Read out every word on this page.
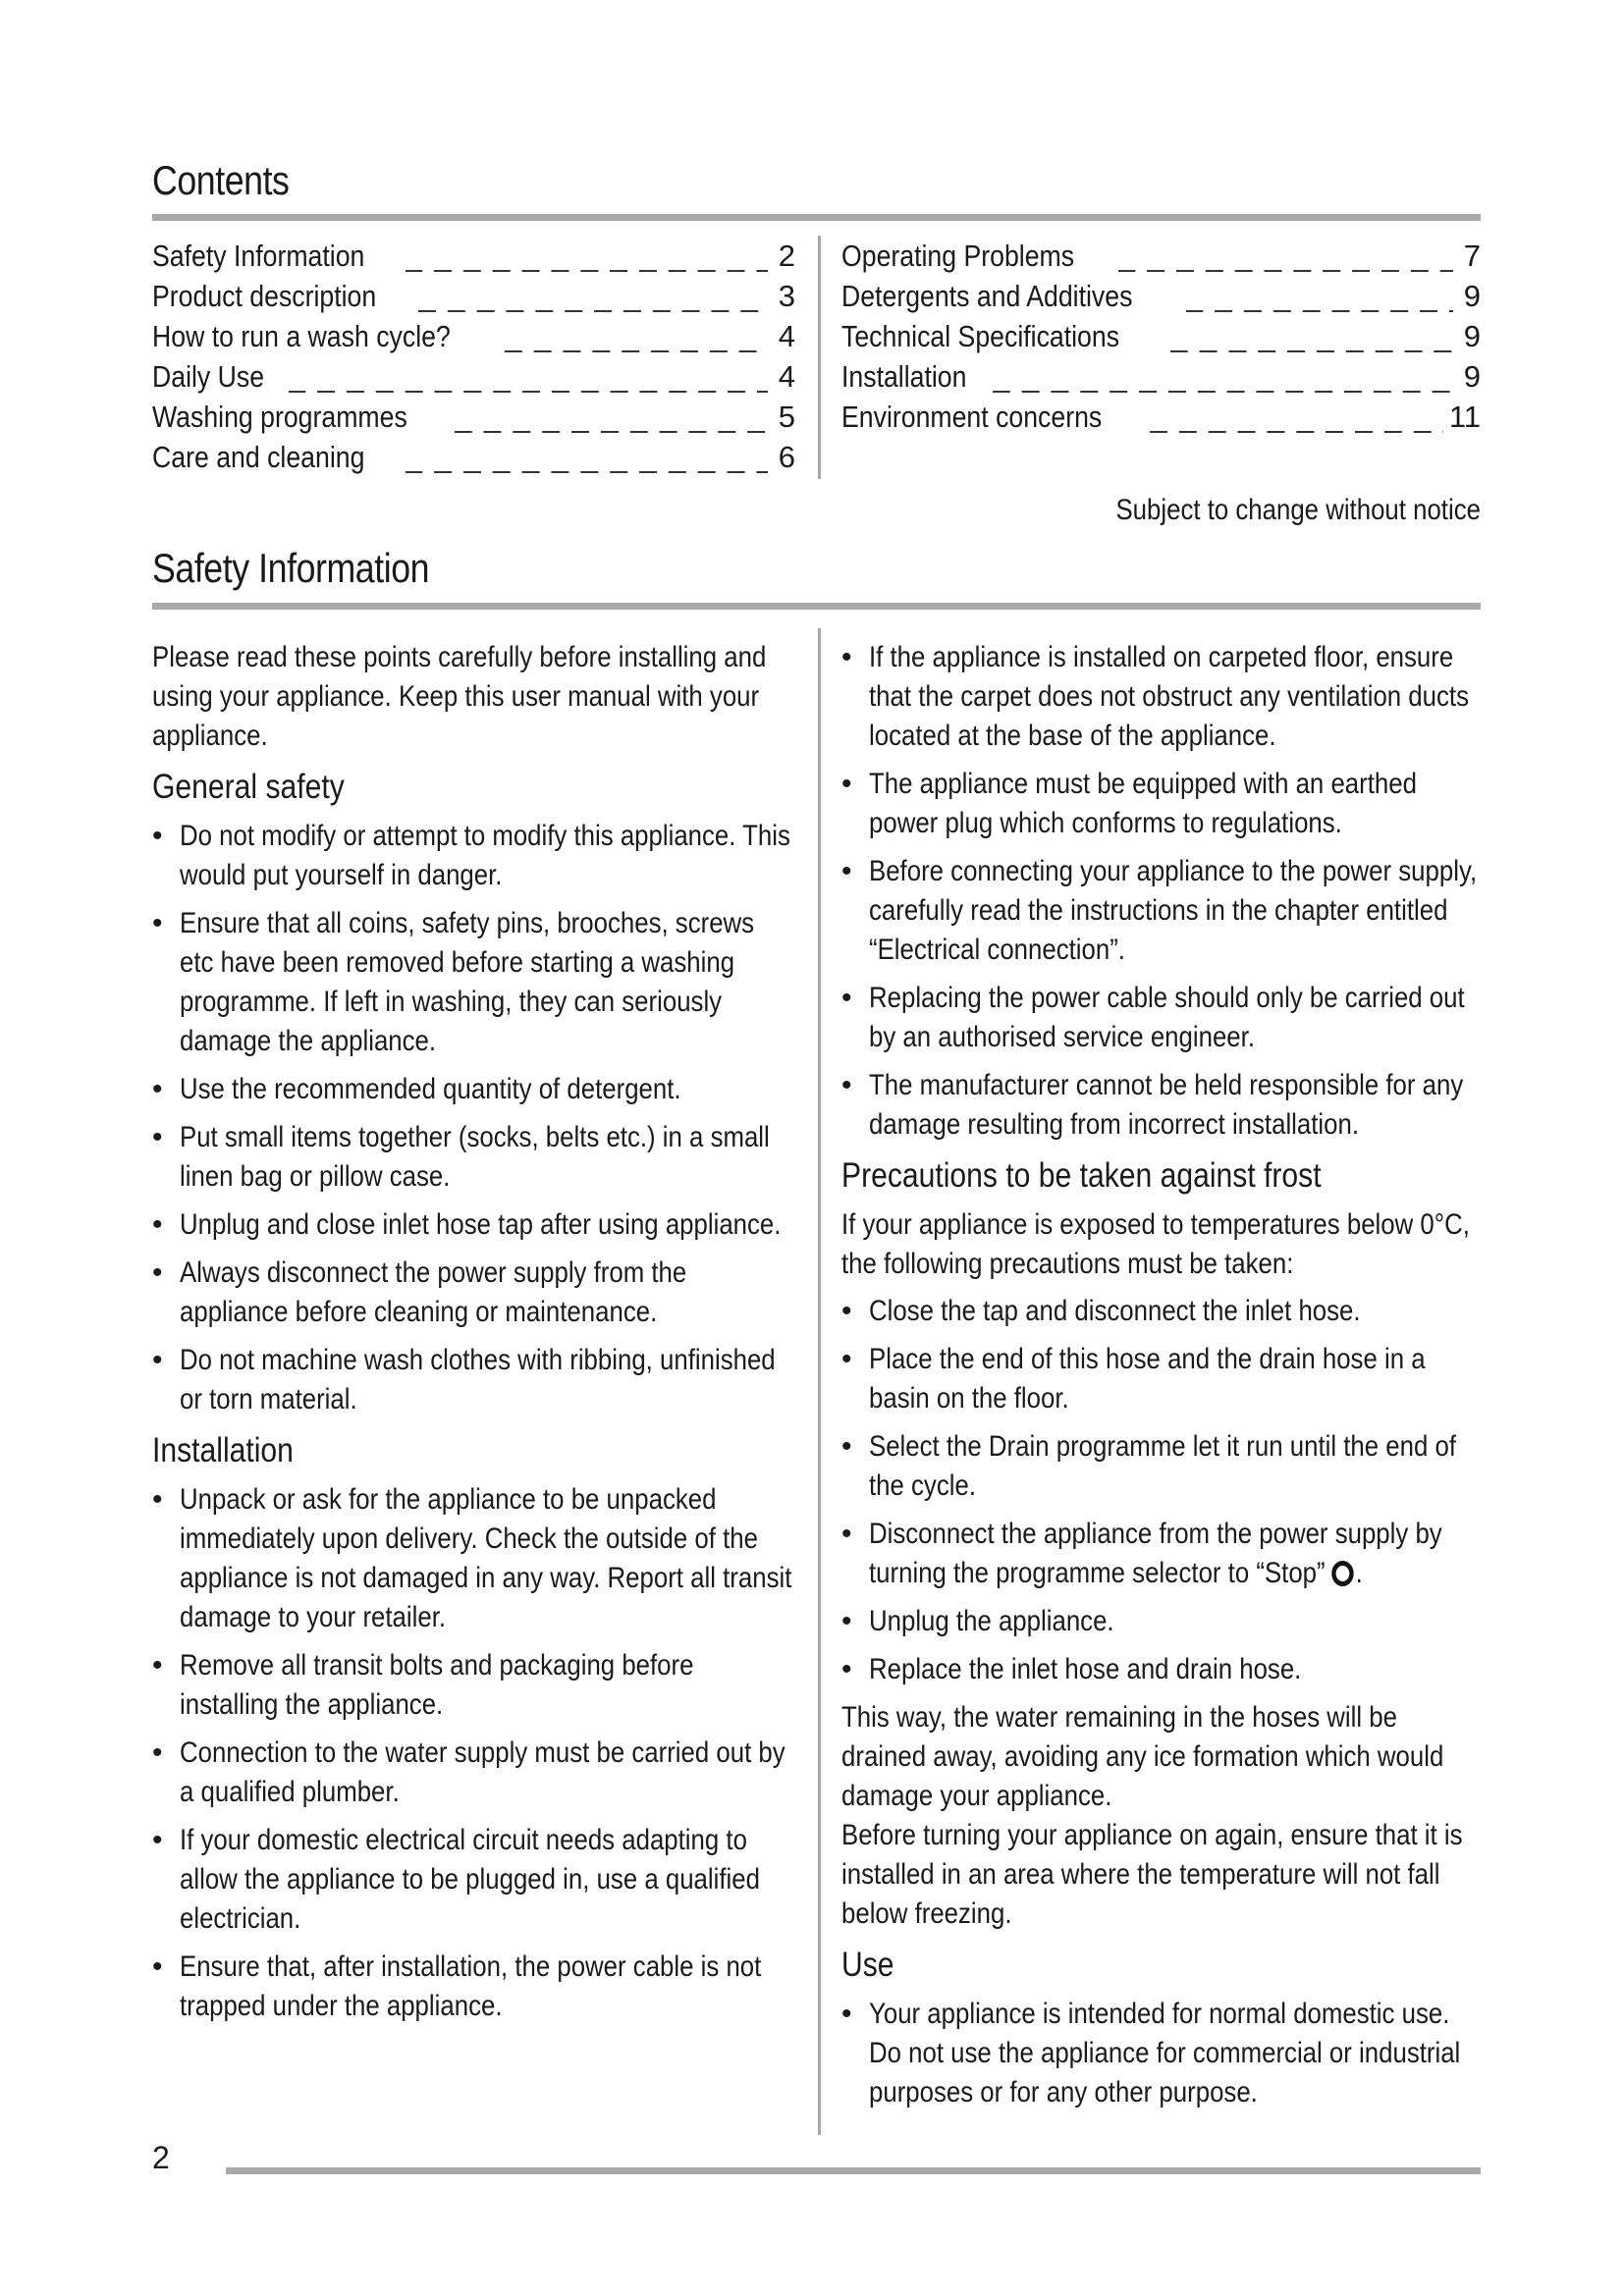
Contents
Safety Information _ _ _	2
Product description _ _ _	3
How to run a wash cycle? _ _ _	4
Daily Use _ _ _	4
Washing programmes _ _ _	5
Care and cleaning _ _ _	6
Operating Problems _ _ _	7
Detergents and Additives _ _ _	9
Technical Specifications _ _ _	9
Installation _ _ _	9
Environment concerns _ _ _	11
Subject to change without notice
Safety Information

Please read these points carefully before installing and using your appliance. Keep this user manual with your appliance.

General safety
• Do not modify or attempt to modify this appliance. This would put yourself in danger.
• Ensure that all coins, safety pins, brooches, screws etc have been removed before starting a washing programme. If left in washing, they can seriously damage the appliance.
• Use the recommended quantity of detergent.
• Put small items together (socks, belts etc.) in a small linen bag or pillow case.
• Unplug and close inlet hose tap after using appliance.
• Always disconnect the power supply from the appliance before cleaning or maintenance.
• Do not machine wash clothes with ribbing, unfinished or torn material.
Installation
• Unpack or ask for the appliance to be unpacked immediately upon delivery. Check the outside of the appliance is not damaged in any way. Report all transit damage to your retailer.
• Remove all transit bolts and packaging before installing the appliance.
• Connection to the water supply must be carried out by a qualified plumber.
• If your domestic electrical circuit needs adapting to allow the appliance to be plugged in, use a qualified electrician.
• Ensure that, after installation, the power cable is not trapped under the appliance.
• If the appliance is installed on carpeted floor, ensure that the carpet does not obstruct any ventilation ducts located at the base of the appliance.
• The appliance must be equipped with an earthed power plug which conforms to regulations.
• Before connecting your appliance to the power supply, carefully read the instructions in the chapter entitled “Electrical connection”.
• Replacing the power cable should only be carried out by an authorised service engineer.
• The manufacturer cannot be held responsible for any damage resulting from incorrect installation.
Precautions to be taken against frost

If your appliance is exposed to temperatures below 0°C, the following precautions must be taken:

• Close the tap and disconnect the inlet hose.
• Place the end of this hose and the drain hose in a basin on the floor.
• Select the Drain programme let it run until the end of the cycle.
• Disconnect the appliance from the power supply by turning the programme selector to “Stop” .
• Unplug the appliance.
• Replace the inlet hose and drain hose.

This way, the water remaining in the hoses will be drained away, avoiding any ice formation which would damage your appliance.

Before turning your appliance on again, ensure that it is installed in an area where the temperature will not fall below freezing.

Use
• Your appliance is intended for normal domestic use. Do not use the appliance for commercial or industrial purposes or for any other purpose.
2
